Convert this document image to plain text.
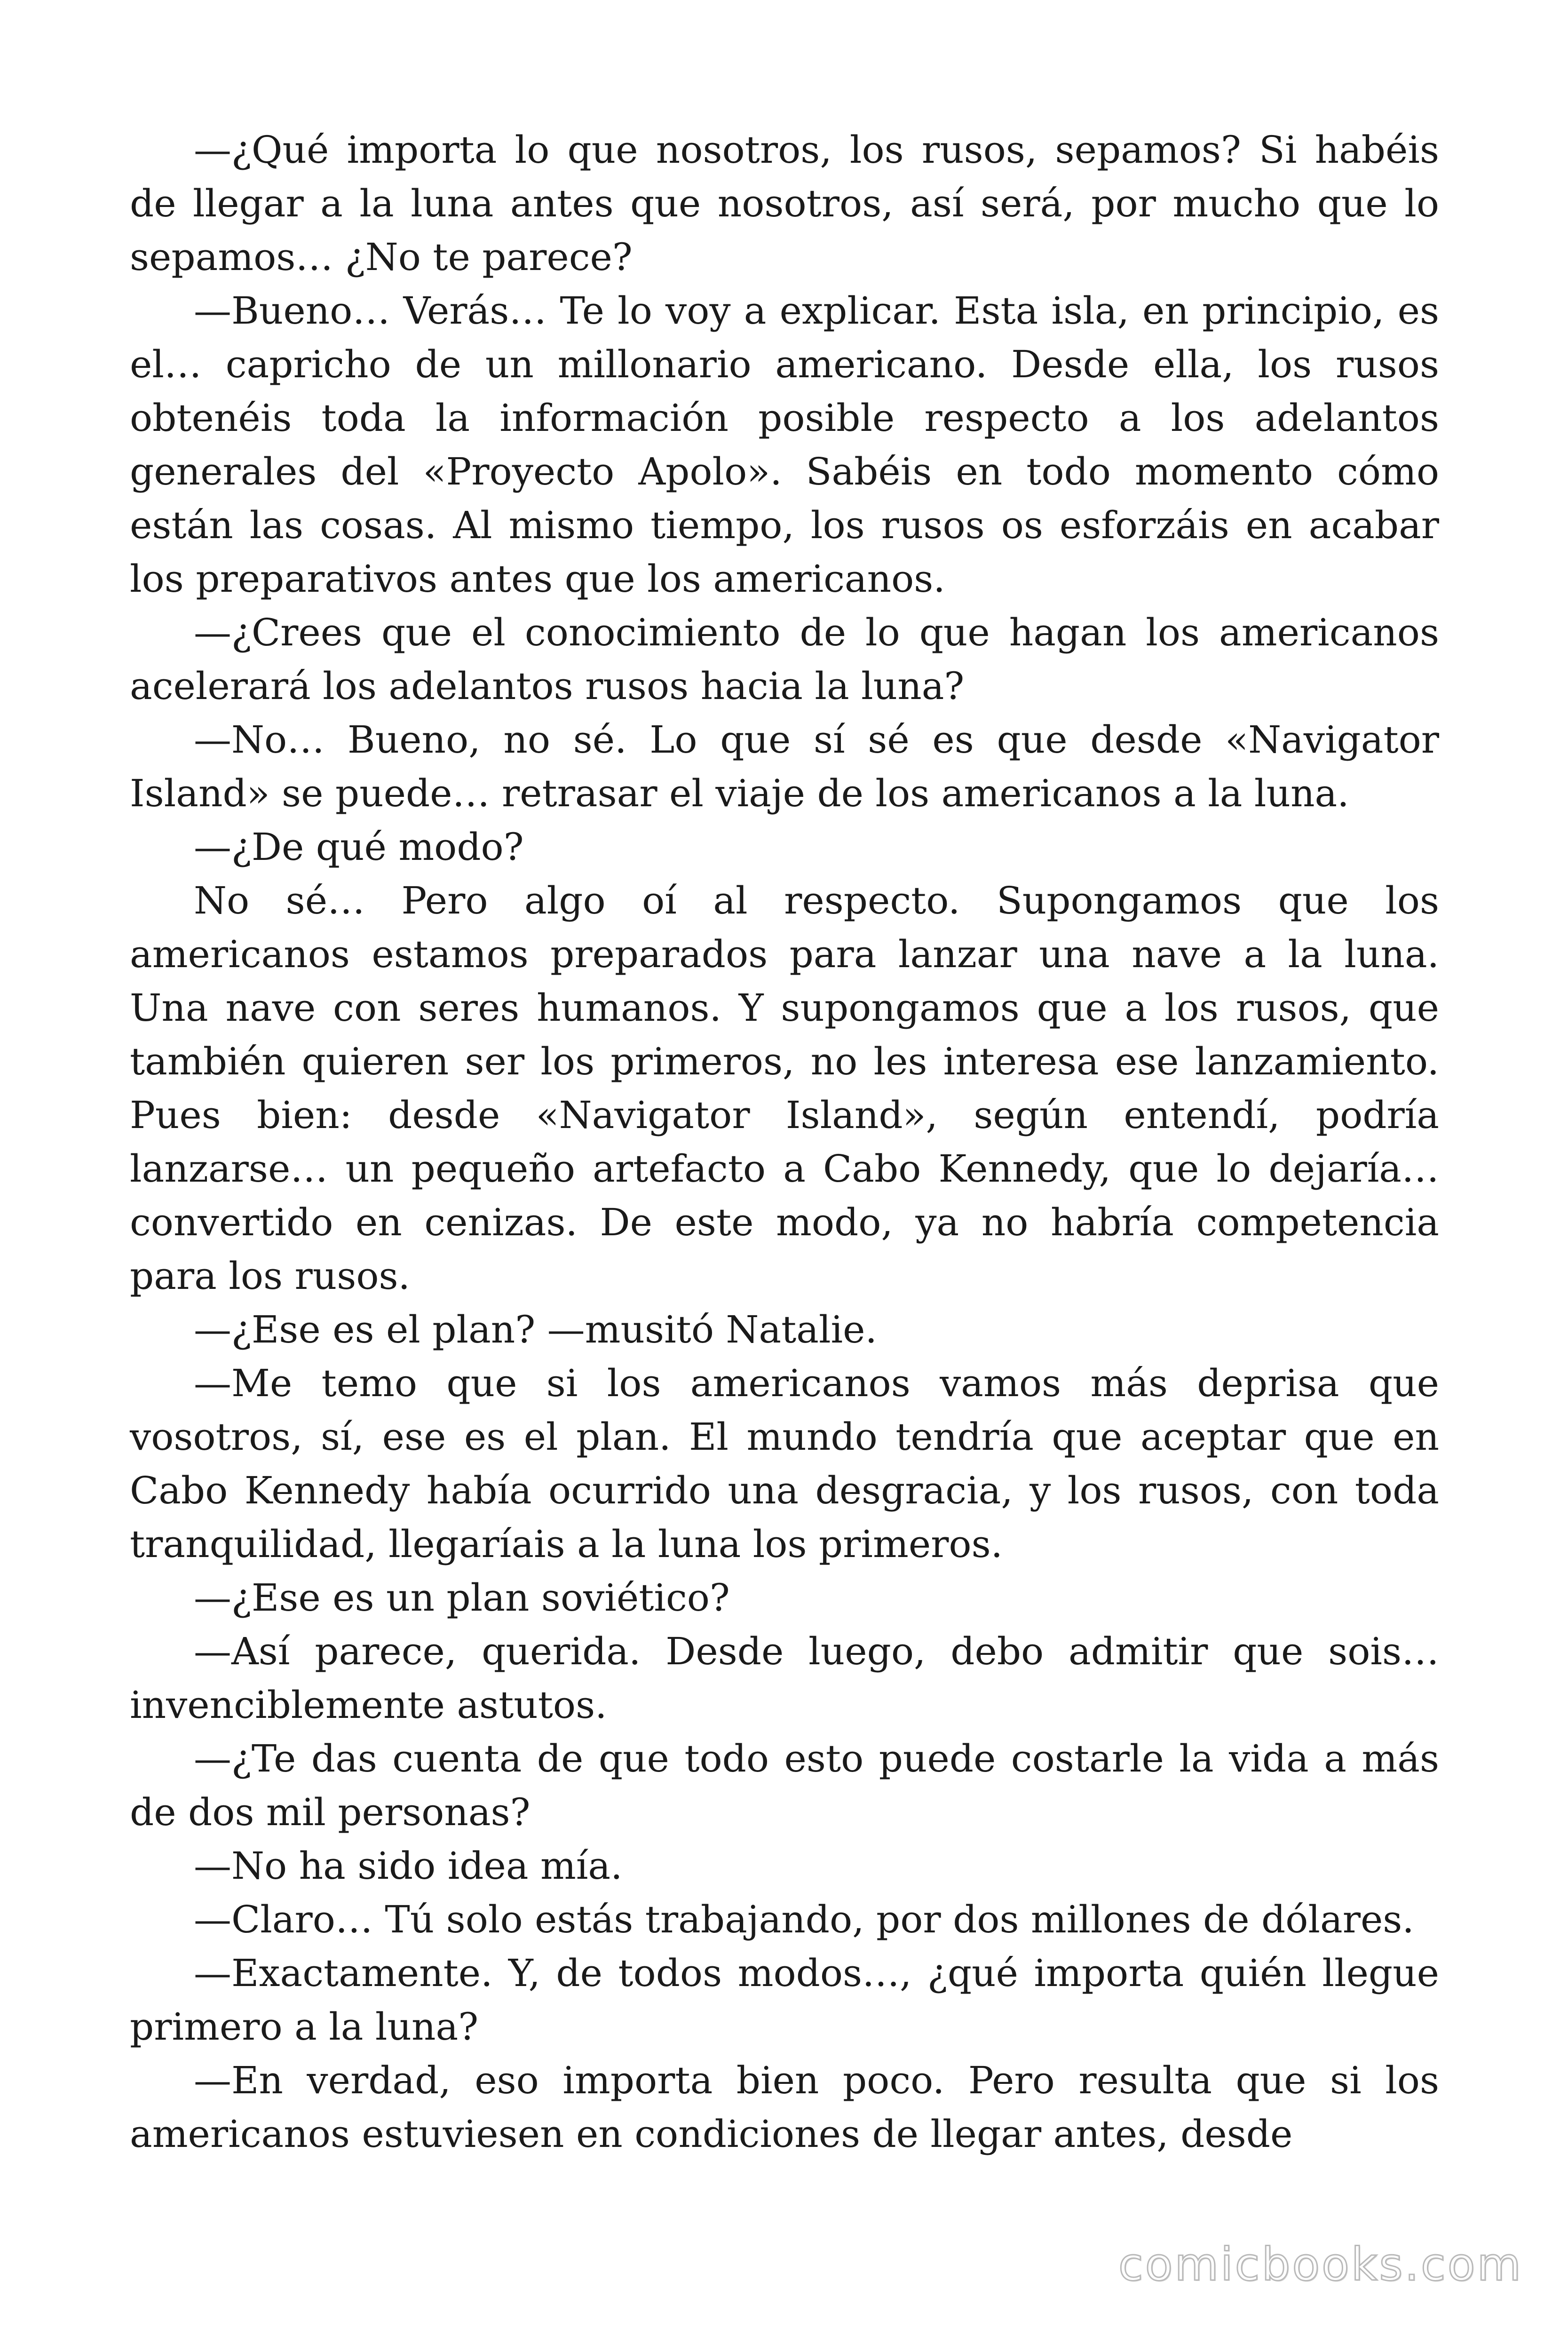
—¿Qué importa lo que nosotros, los rusos, sepamos? Si habéis de llegar a la luna antes que nosotros, así será, por mucho que lo sepamos… ¿No te parece?

—Bueno… Verás… Te lo voy a explicar. Esta isla, en principio, es el… capricho de un millonario americano. Desde ella, los rusos obtenéis toda la información posible respecto a los adelantos generales del «Proyecto Apolo». Sabéis en todo momento cómo están las cosas. Al mismo tiempo, los rusos os esforzáis en acabar los preparativos antes que los americanos.

—¿Crees que el conocimiento de lo que hagan los americanos acelerará los adelantos rusos hacia la luna?

—No… Bueno, no sé. Lo que sí sé es que desde «Navigator Island» se puede… retrasar el viaje de los americanos a la luna.

—¿De qué modo?

No sé… Pero algo oí al respecto. Supongamos que los americanos estamos preparados para lanzar una nave a la luna. Una nave con seres humanos. Y supongamos que a los rusos, que también quieren ser los primeros, no les interesa ese lanzamiento. Pues bien: desde «Navigator Island», según entendí, podría lanzarse… un pequeño artefacto a Cabo Kennedy, que lo dejaría… convertido en cenizas. De este modo, ya no habría competencia para los rusos.

—¿Ese es el plan? —musitó Natalie.

—Me temo que si los americanos vamos más deprisa que vosotros, sí, ese es el plan. El mundo tendría que aceptar que en Cabo Kennedy había ocurrido una desgracia, y los rusos, con toda tranquilidad, llegaríais a la luna los primeros.

—¿Ese es un plan soviético?

—Así parece, querida. Desde luego, debo admitir que sois… invenciblemente astutos.

—¿Te das cuenta de que todo esto puede costarle la vida a más de dos mil personas?

—No ha sido idea mía.

—Claro… Tú solo estás trabajando, por dos millones de dólares.

—Exactamente. Y, de todos modos…, ¿qué importa quién llegue primero a la luna?

—En verdad, eso importa bien poco. Pero resulta que si los americanos estuviesen en condiciones de llegar antes, desde

comicbooks.com
